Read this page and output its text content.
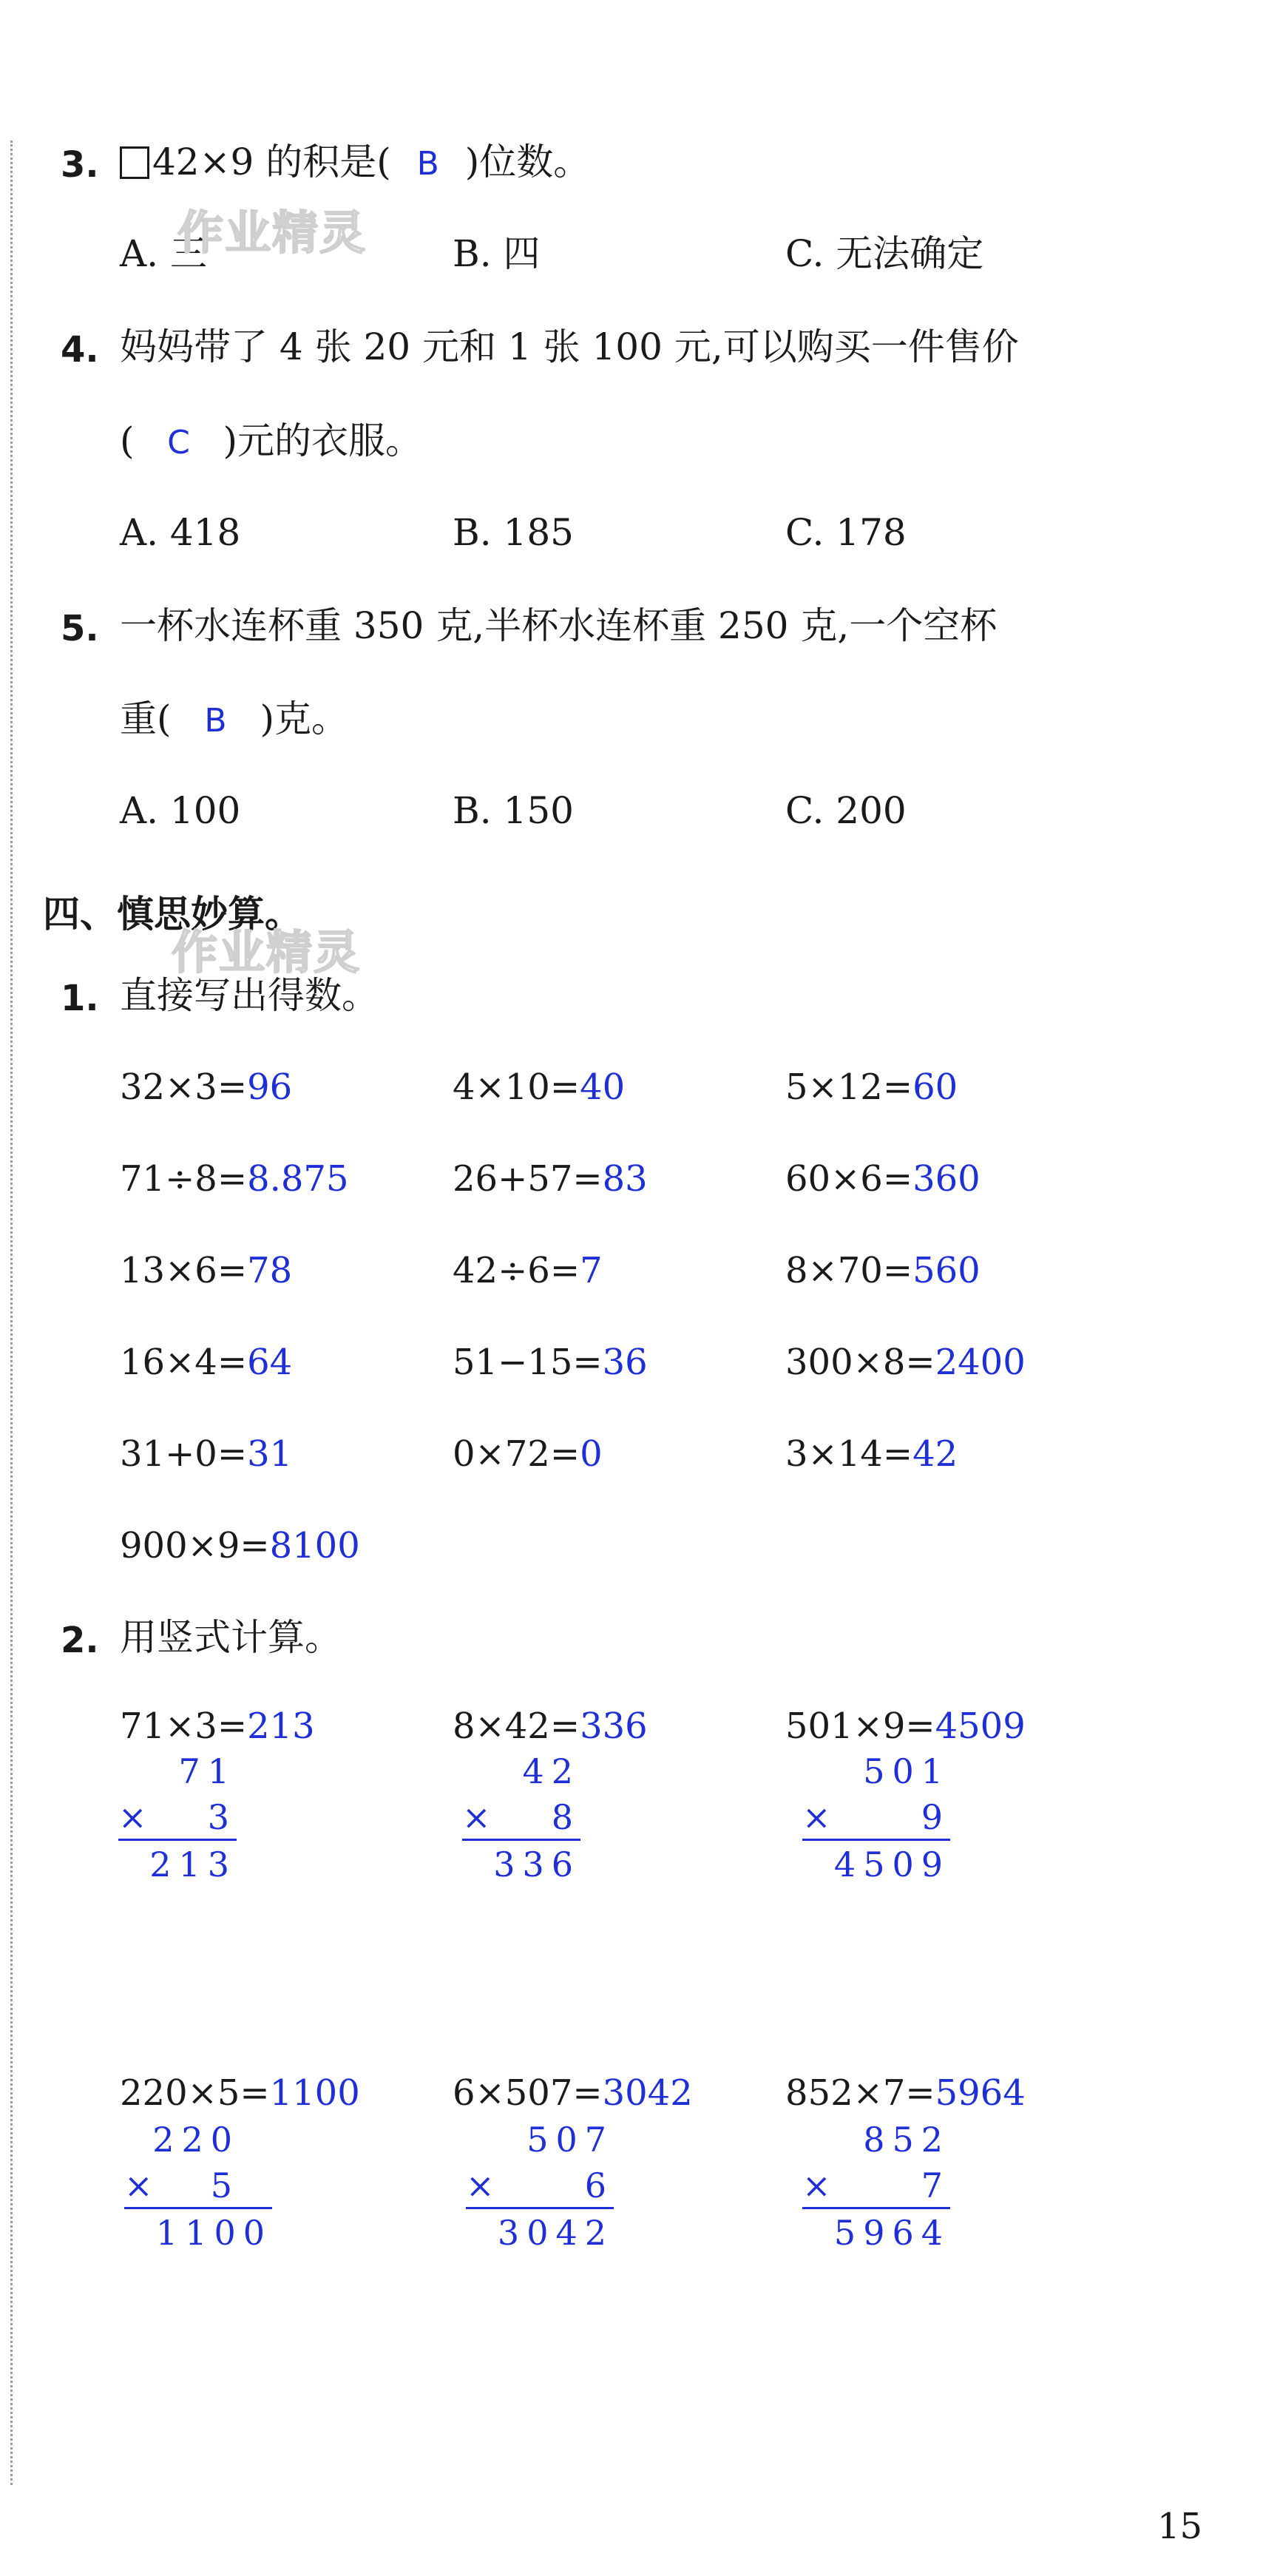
3.	42×9 的积是( B )位数。
A. 三	B. 四	C. 无法确定
作业精灵
4. 妈妈带了 4 张 20 元和 1 张 100 元,可以购买一件售价
( C )元的衣服。
A. 418	B. 185	C. 178
5. 一杯水连杯重 350 克,半杯水连杯重 250 克,一个空杯
重( B )克。
A. 100	B. 150	C. 200
四、慎思妙算。
作业精灵
1. 直接写出得数。
32×3=96	4×10=40	5×12=60
71÷8=8.875	26+57=83	60×6=360
13×6=78	42÷6=7	8×70=560
16×4=64	51−15=36	300×8=2400
31+0=31	0×72=0	3×14=42
900×9=8100
2. 用竖式计算。
71×3=213	8×42=336	501×9=4509
71
× 3
213
42
× 8
336
501
×	9
4509
220×5=1100	6×507=3042	852×7=5964
220
× 5
1100
507
×	6
3042
852
×	7
5964
15
